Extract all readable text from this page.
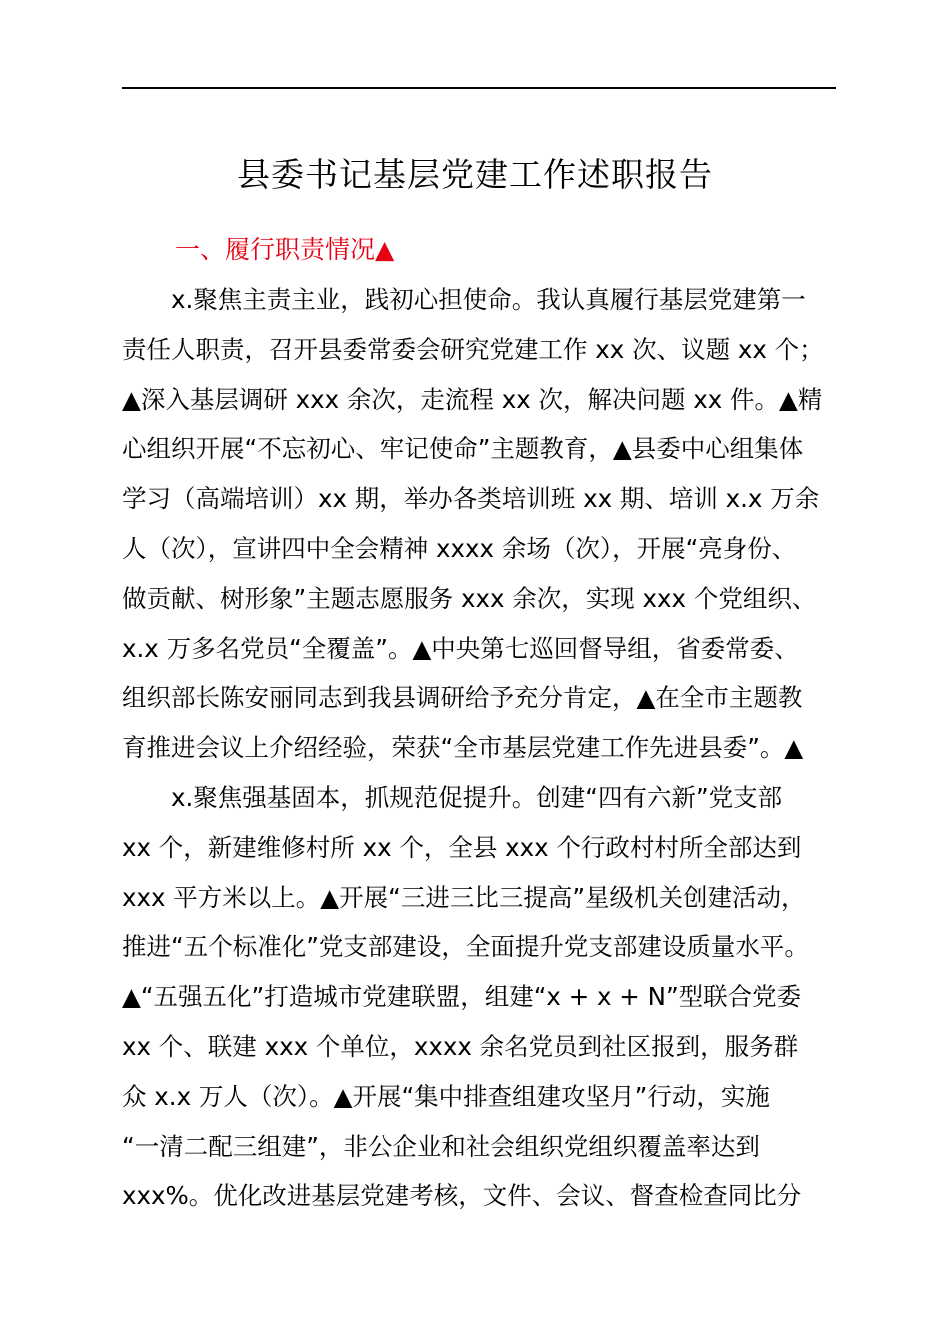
县委书记基层党建工作述职报告
一、履行职责情况▲
　　x.聚焦主责主业，践初心担使命。我认真履行基层党建第一
责任人职责，召开县委常委会研究党建工作 xx 次、议题 xx 个；
▲深入基层调研 xxx 余次，走流程 xx 次，解决问题 xx 件。▲精
心组织开展“不忘初心、牢记使命”主题教育，▲县委中心组集体
学习（高端培训）xx 期，举办各类培训班 xx 期、培训 x.x 万余
人（次），宣讲四中全会精神 xxxx 余场（次），开展“亮身份、
做贡献、树形象”主题志愿服务 xxx 余次，实现 xxx 个党组织、
x.x 万多名党员“全覆盖”。▲中央第七巡回督导组，省委常委、
组织部长陈安丽同志到我县调研给予充分肯定，▲在全市主题教
育推进会议上介绍经验，荣获“全市基层党建工作先进县委”。▲
　　x.聚焦强基固本，抓规范促提升。创建“四有六新”党支部
xx 个，新建维修村所 xx 个，全县 xxx 个行政村村所全部达到
xxx 平方米以上。▲开展“三进三比三提高”星级机关创建活动，
推进“五个标准化”党支部建设，全面提升党支部建设质量水平。
▲“五强五化”打造城市党建联盟，组建“x + x + N”型联合党委
xx 个、联建 xxx 个单位，xxxx 余名党员到社区报到，服务群
众 x.x 万人（次）。▲开展“集中排查组建攻坚月”行动，实施
“一清二配三组建”，非公企业和社会组织党组织覆盖率达到
xxx%。优化改进基层党建考核，文件、会议、督查检查同比分
